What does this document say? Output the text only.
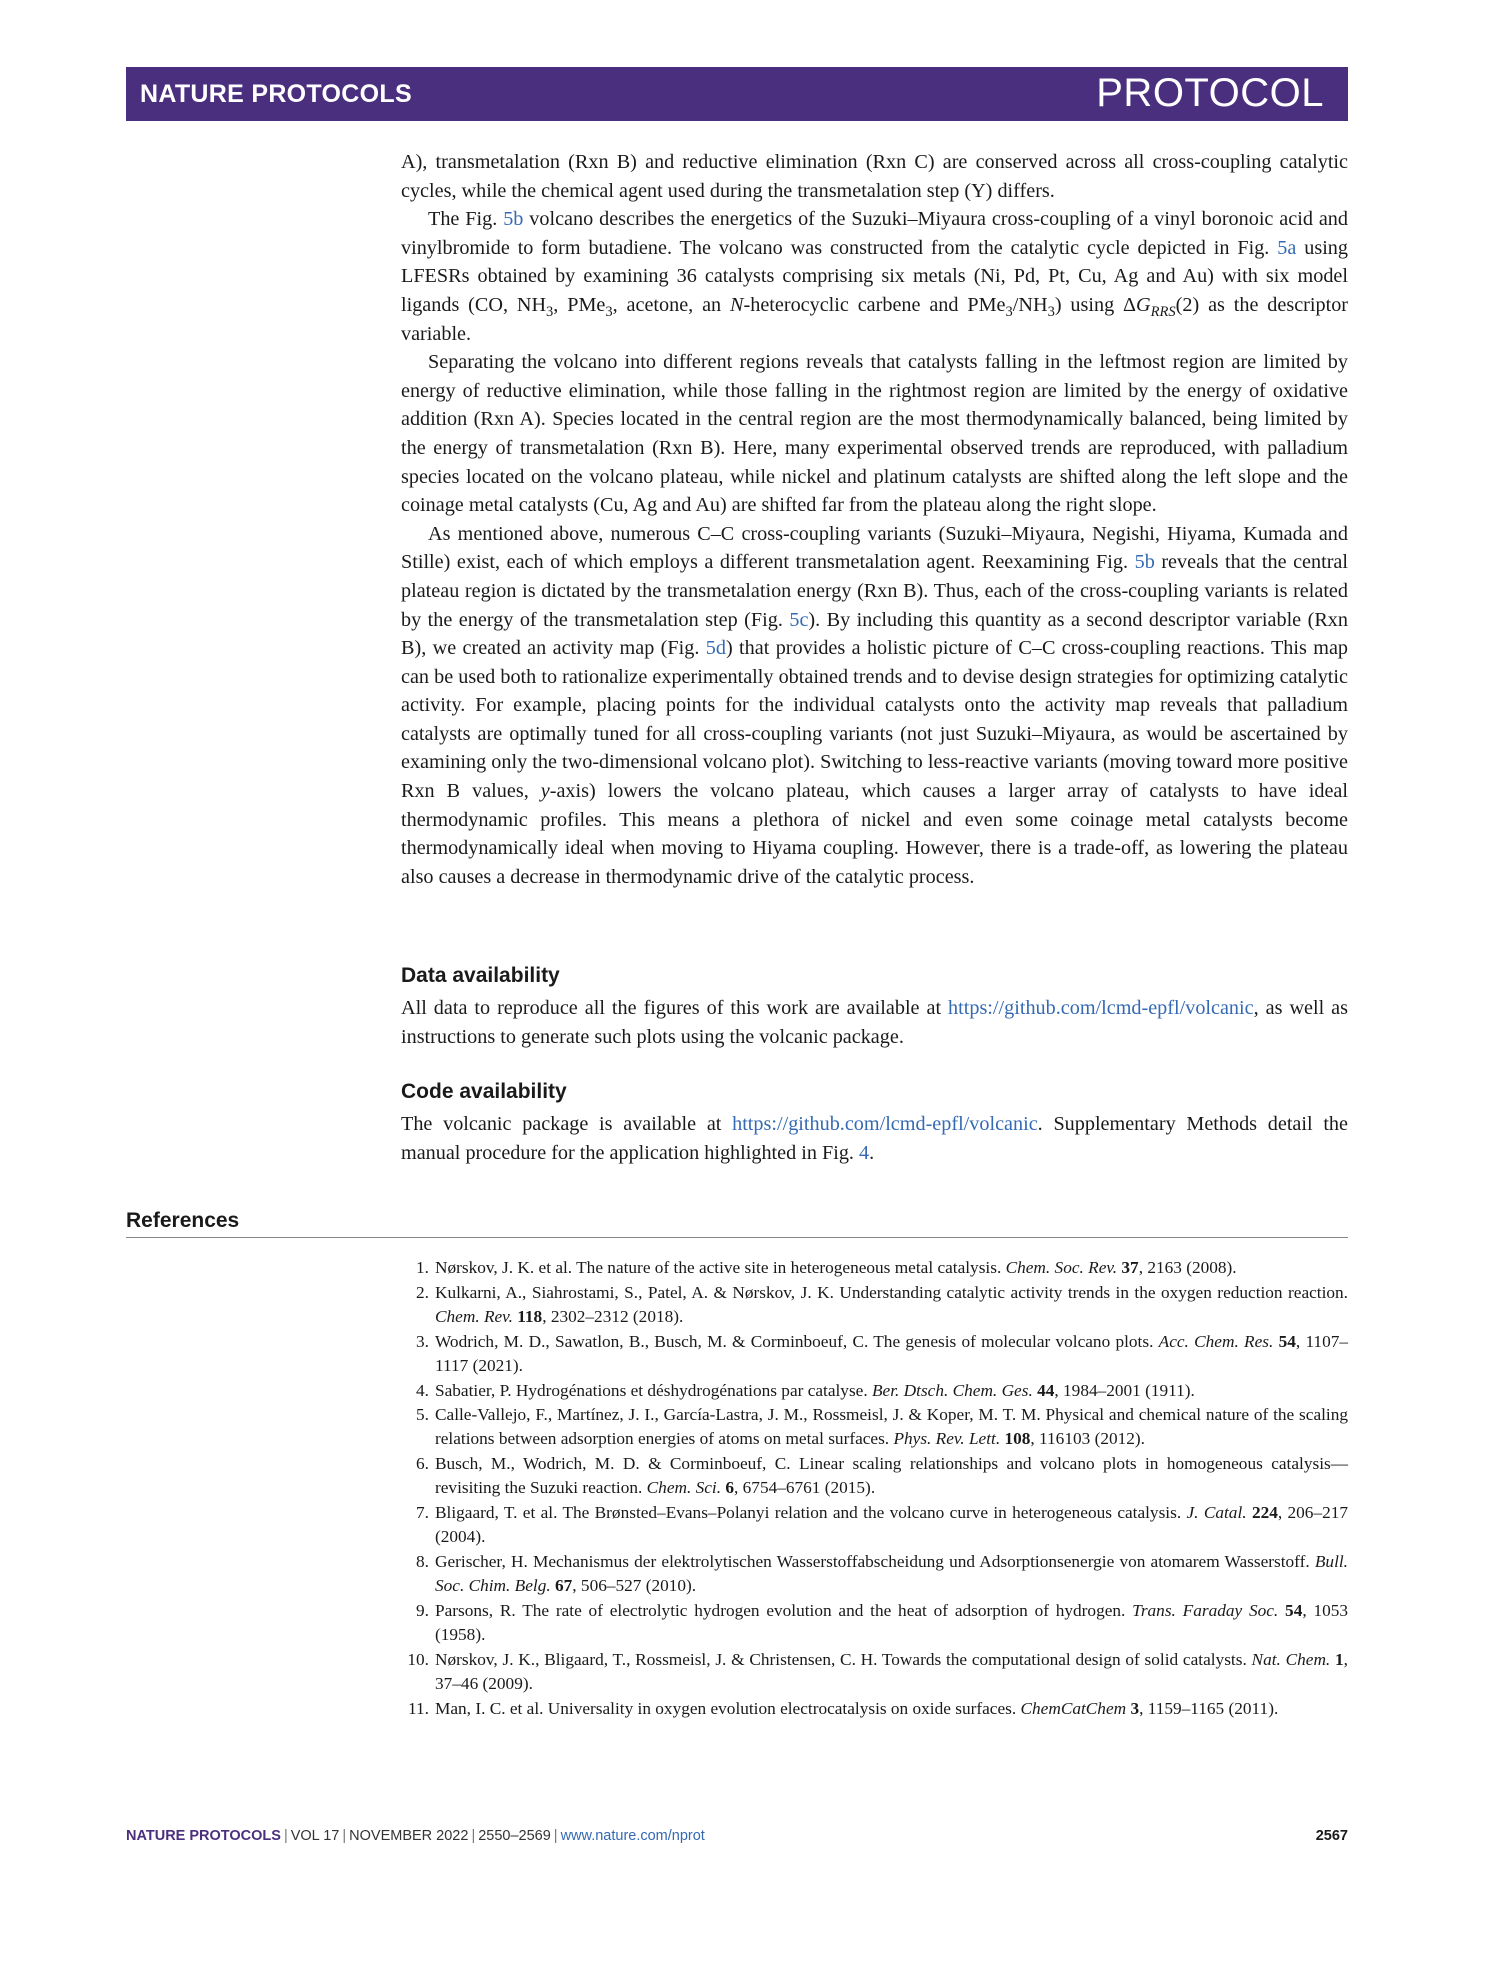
NATURE PROTOCOLS	PROTOCOL

A), transmetalation (Rxn B) and reductive elimination (Rxn C) are conserved across all cross-coupling catalytic cycles, while the chemical agent used during the transmetalation step (Y) differs.

The Fig. 5b volcano describes the energetics of the Suzuki–Miyaura cross-coupling of a vinyl boronoic acid and vinylbromide to form butadiene. The volcano was constructed from the catalytic cycle depicted in Fig. 5a using LFESRs obtained by examining 36 catalysts comprising six metals (Ni, Pd, Pt, Cu, Ag and Au) with six model ligands (CO, $NH_3$, PMe$_3$, acetone, an N-heterocyclic carbene and $PMe_3/NH_3$) using $\Delta G_{RRS}(2)$ as the descriptor variable.

Separating the volcano into different regions reveals that catalysts falling in the leftmost region are limited by energy of reductive elimination, while those falling in the rightmost region are limited by the energy of oxidative addition (Rxn A). Species located in the central region are the most thermodynamically balanced, being limited by the energy of transmetalation (Rxn B). Here, many experimental observed trends are reproduced, with palladium species located on the volcano plateau, while nickel and platinum catalysts are shifted along the left slope and the coinage metal catalysts (Cu, Ag and Au) are shifted far from the plateau along the right slope.

As mentioned above, numerous C–C cross-coupling variants (Suzuki–Miyaura, Negishi, Hiyama, Kumada and Stille) exist, each of which employs a different transmetalation agent. Reexamining Fig. 5b reveals that the central plateau region is dictated by the transmetalation energy (Rxn B). Thus, each of the cross-coupling variants is related by the energy of the transmetalation step (Fig. 5c). By including this quantity as a second descriptor variable (Rxn B), we created an activity map (Fig. 5d) that provides a holistic picture of C–C cross-coupling reactions. This map can be used both to rationalize experimentally obtained trends and to devise design strategies for optimizing catalytic activity. For example, placing points for the individual catalysts onto the activity map reveals that palladium catalysts are optimally tuned for all cross-coupling variants (not just Suzuki–Miyaura, as would be ascertained by examining only the two-dimensional volcano plot). Switching to less-reactive variants (moving toward more positive Rxn B values, y-axis) lowers the volcano plateau, which causes a larger array of catalysts to have ideal thermodynamic profiles. This means a plethora of nickel and even some coinage metal catalysts become thermodynamically ideal when moving to Hiyama coupling. However, there is a trade-off, as lowering the plateau also causes a decrease in thermodynamic drive of the catalytic process.

Data availability

All data to reproduce all the figures of this work are available at https://github.com/lcmd-epfl/volcanic, as well as instructions to generate such plots using the volcanic package.

Code availability

The volcanic package is available at https://github.com/lcmd-epfl/volcanic. Supplementary Methods detail the manual procedure for the application highlighted in Fig. 4.

References
1. Nørskov, J. K. et al. The nature of the active site in heterogeneous metal catalysis. Chem. Soc. Rev. 37, 2163 (2008).
2. Kulkarni, A., Siahrostami, S., Patel, A. & Nørskov, J. K. Understanding catalytic activity trends in the oxygen reduction reaction. Chem. Rev. 118, 2302–2312 (2018).
3. Wodrich, M. D., Sawatlon, B., Busch, M. & Corminboeuf, C. The genesis of molecular volcano plots. Acc. Chem. Res. 54, 1107–1117 (2021).
4. Sabatier, P. Hydrogénations et déshydrogénations par catalyse. Ber. Dtsch. Chem. Ges. 44, 1984–2001 (1911).
5. Calle-Vallejo, F., Martínez, J. I., García-Lastra, J. M., Rossmeisl, J. & Koper, M. T. M. Physical and chemical nature of the scaling relations between adsorption energies of atoms on metal surfaces. Phys. Rev. Lett. 108, 116103 (2012).
6. Busch, M., Wodrich, M. D. & Corminboeuf, C. Linear scaling relationships and volcano plots in homogeneous catalysis—revisiting the Suzuki reaction. Chem. Sci. 6, 6754–6761 (2015).
7. Bligaard, T. et al. The Brønsted–Evans–Polanyi relation and the volcano curve in heterogeneous catalysis. J. Catal. 224, 206–217 (2004).
8. Gerischer, H. Mechanismus der elektrolytischen Wasserstoffabscheidung und Adsorptionsenergie von atomarem Wasserstoff. Bull. Soc. Chim. Belg. 67, 506–527 (2010).
9. Parsons, R. The rate of electrolytic hydrogen evolution and the heat of adsorption of hydrogen. Trans. Faraday Soc. 54, 1053 (1958).
10. Nørskov, J. K., Bligaard, T., Rossmeisl, J. & Christensen, C. H. Towards the computational design of solid catalysts. Nat. Chem. 1, 37–46 (2009).
11. Man, I. C. et al. Universality in oxygen evolution electrocatalysis on oxide surfaces. ChemCatChem 3, 1159–1165 (2011).
NATURE PROTOCOLS | VOL 17 | NOVEMBER 2022 | 2550–2569 | www.nature.com/nprot	2567
